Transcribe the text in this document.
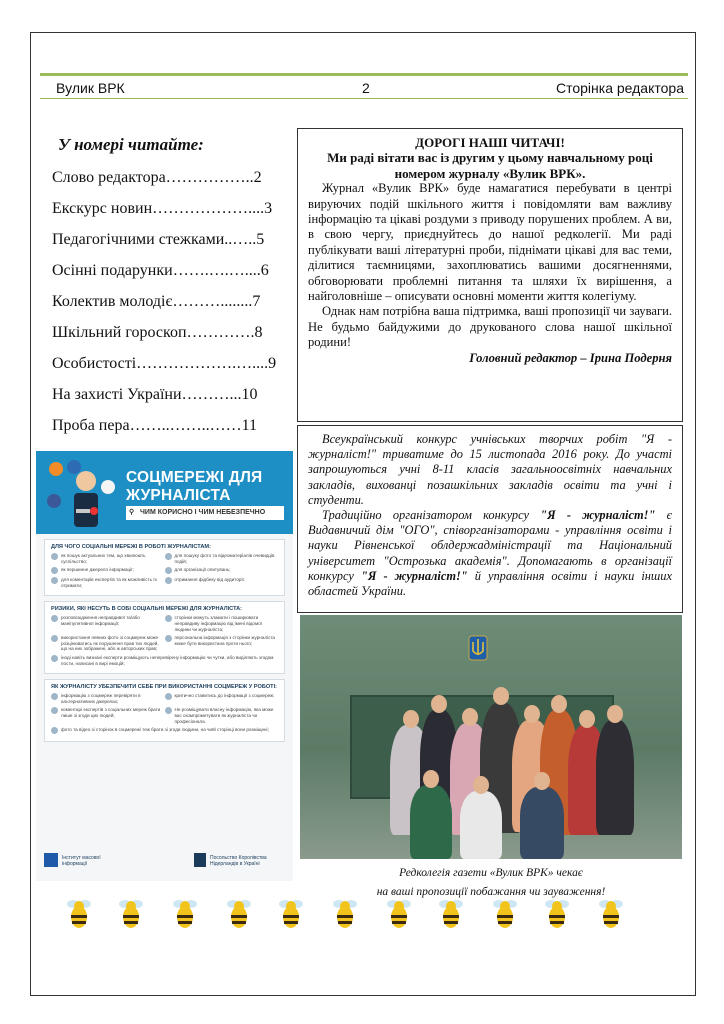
Вулик ВРК	2	Сторінка редактора
У номері читайте:
Слово редактора……………..2
Екскурс новин………………....3
Педагогічними стежками..…..5
Осінні подарунки…….….…....6
Колектив молодіє………........7
Шкільний гороскоп………….8
Особистості……………….…....9
На захисті України………...10
Проба пера……..……..……11
ДОРОГІ НАШІ ЧИТАЧІ!
Ми раді вітати вас із другим у цьому навчальному році номером журналу «Вулик ВРК».

Журнал «Вулик ВРК» буде намагатися перебувати в центрі вируючих подій шкільного життя і повідомляти вам важливу інформацію та цікаві роздуми з приводу порушених проблем. А ви, в свою чергу, приєднуйтесь до нашої редколегії. Ми раді публікувати ваші літературні проби, піднімати цікаві для вас теми, ділитися таємницями, захоплюватись вашими досягненнями, обговорювати проблемні питання та шляхи їх вирішення, а найголовніше – описувати основні моменти життя колегіуму.

Однак нам потрібна ваша підтримка, ваші пропозиції чи зауваги. Не будьмо байдужими до друкованого слова нашої шкільної родини!

Головний редактор – Ірина Подерня

Всеукраїнський конкурс учнівських творчих робіт "Я - журналіст!" триватиме до 15 листопада 2016 року. До участі запрошуються учні 8-11 класів загальноосвітніх навчальних закладів, вихованці позашкільних закладів освіти та учні і студенти.

Традиційно організатором конкурсу "Я - журналіст!" є Видавничий дім "ОГО", співорганізаторами - управління освіти і науки Рівненської облдержадміністрації та Національний університет "Острозька академія". Допомагають в організації конкурсу "Я - журналіст!" й управління освіти і науки інших областей України.

Редколегія газети «Вулик ВРК» чекає
на ваші пропозиції побажання чи зауваження!
СОЦМЕРЕЖІ ДЛЯ ЖУРНАЛІСТА
⚲ ЧИМ КОРИСНО І ЧИМ НЕБЕЗПЕЧНО
ДЛЯ ЧОГО СОЦІАЛЬНІ МЕРЕЖІ В РОБОТІ ЖУРНАЛІСТАМ:
як пошук актуальних тем, що хвилюють суспільство;
для пошуку фото та відеоматеріалів очевидців подій;
як першинне джерело інформації;	для організації опитувань;
для коментарів експертів та як можливість їх отримати;
отримання фідбеку від аудиторії.
РИЗИКИ, ЯКІ НЕСУТЬ В СОБІ СОЦІАЛЬНІ МЕРЕЖІ ДЛЯ ЖУРНАЛІСТА:
розповсюдження неправдивої та/або маніпулятивної інформації;
сторінки можуть зламати і поширювати неправдиву інформацію від імені відомої людини чи журналіста;
використання певних фото зі соцмереж може розцінюватись як порушення прав тих людей, що на них зображені, або ж авторських прав;
персональна інформація з сторінки журналіста може бути використана проти нього;
іноді навіть визнані експерти розміщують неперевірену інформацію чи чутки, або виділяють згодом пости, написані в вирі емоцій;
ЯК ЖУРНАЛІСТУ УБЕЗПЕЧИТИ СЕБЕ ПРИ ВИКОРИСТАННІ СОЦМЕРЕЖ У РОБОТІ:
інформацію з соцмереж перевіряти в альтернативних джерелах;
критично ставитись до інформації з соцмереж;
коментарі експертів з соціальних мереж брати лише зі згоди цих людей;
Не розміщувати власну інформацію, яка може вас скомпрометувати як журналіста чи професіонала.
фото та відео зі сторінок в соцмережі теж брати зі згоди людини, на чиїй сторінці вони розміщені;
Інститут масової інформації
Посольство Королівства Нідерландів в Україні
